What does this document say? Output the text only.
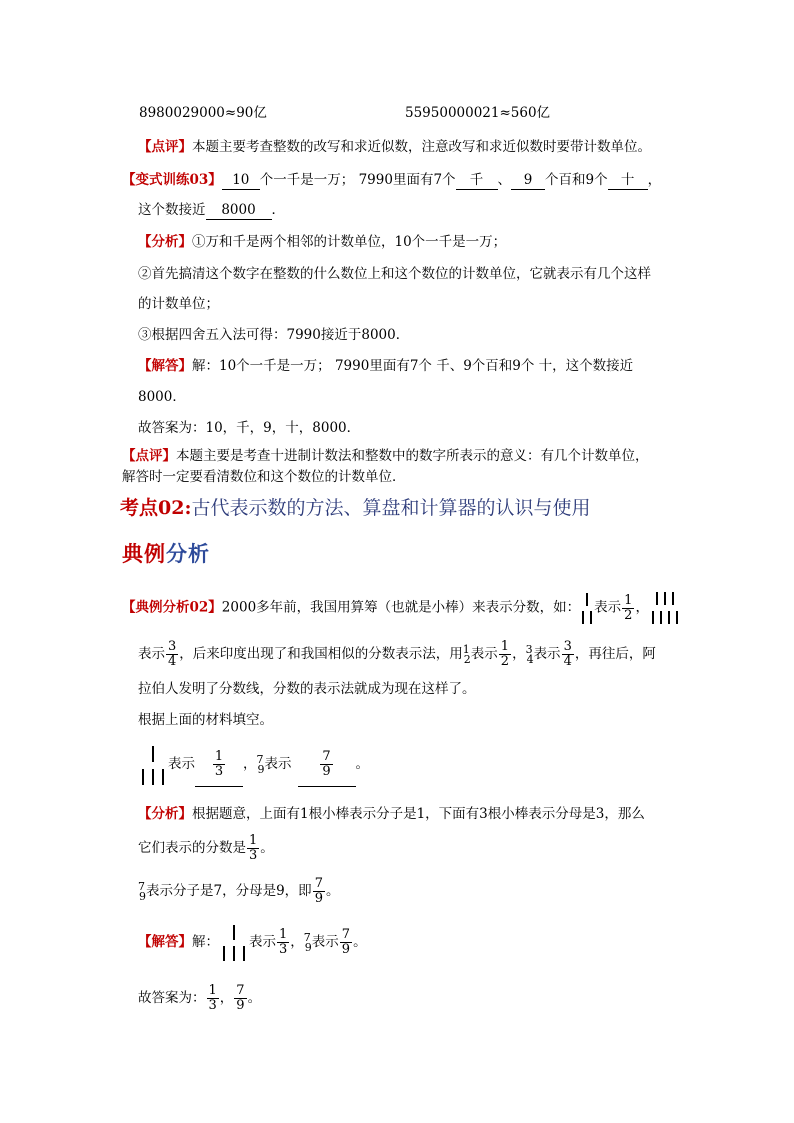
8980029000≈90亿	55950000021≈560亿
【点评】本题主要考查整数的改写和求近似数，注意改写和求近似数时要带计数单位。
【变式训练03】 10 个一千是一万； 7990里面有7个 千 、 9 个百和9个 十 ，
这个数接近 8000 ．
【分析】①万和千是两个相邻的计数单位，10个一千是一万；
②首先搞清这个数字在整数的什么数位上和这个数位的计数单位，它就表示有几个这样
的计数单位；
③根据四舍五入法可得：7990接近于8000．
【解答】解：10个一千是一万； 7990里面有7个 千、9个百和9个 十，这个数接近
8000．
故答案为：10，千，9，十，8000．
【点评】本题主要是考查十进制计数法和整数中的数字所表示的意义：有几个计数单位，
解答时一定要看清数位和这个数位的计数单位．
考点02:古代表示数的方法、算盘和计算器的认识与使用
典例分析
【典例分析02】2000多年前，我国用算筹（也就是小棒）来表示分数，如： 表示 $\frac{1}{2}$ ，
表示 $\frac{3}{4}$ ，后来印度出现了和我国相似的分数表示法，用 1
2 表示 $\frac{1}{2}$ ， 3
4 表示 $\frac{3}{4}$ ，再往后，阿
拉伯人发明了分数线，分数的表示法就成为现在这样了。
根据上面的材料填空。
表示 $\frac{1}{3}$ ， 7
9 表示 $\frac{7}{9}$ 。
【分析】根据题意，上面有1根小棒表示分子是1，下面有3根小棒表示分母是3，那么
它们表示的分数是 $\frac{1}{3}$ 。
7
9 表示分子是7，分母是9，即 $\frac{7}{9}$ 。
【解答】解： 表示 $\frac{1}{3}$ ， 7
9 表示 $\frac{7}{9}$ 。
故答案为： $\frac{1}{3}$ ， $\frac{7}{9}$ 。
